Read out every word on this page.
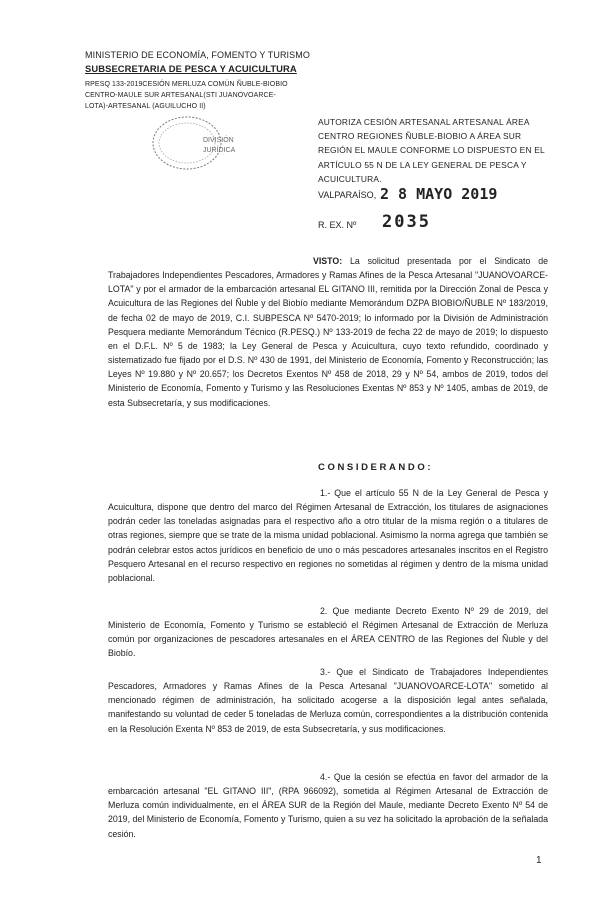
MINISTERIO DE ECONOMÍA, FOMENTO Y TURISMO
SUBSECRETARIA DE PESCA Y ACUICULTURA
RPESQ 133-2019CESIÓN MERLUZA COMÚN ÑUBLE-BIOBIO CENTRO-MAULE SUR ARTESANAL(STI JUANOVOARCE-LOTA)-ARTESANAL (AGUILUCHO II)
DIVISIÓN
JURÍDICA
AUTORIZA CESIÓN ARTESANAL ARTESANAL ÁREA CENTRO REGIONES ÑUBLE-BIOBIO A ÁREA SUR REGIÓN EL MAULE CONFORME LO DISPUESTO EN EL ARTÍCULO 55 N DE LA LEY GENERAL DE PESCA Y ACUICULTURA.
VALPARAÍSO, 2 8 MAYO 2019
R. EX. Nº 2035
VISTO: La solicitud presentada por el Sindicato de Trabajadores Independientes Pescadores, Armadores y Ramas Afines de la Pesca Artesanal "JUANOVOARCE-LOTA" y por el armador de la embarcación artesanal EL GITANO III, remitida por la Dirección Zonal de Pesca y Acuicultura de las Regiones del Ñuble y del Biobío mediante Memorándum DZPA BIOBIO/ÑUBLE Nº 183/2019, de fecha 02 de mayo de 2019, C.I. SUBPESCA Nº 5470-2019; lo informado por la División de Administración Pesquera mediante Memorándum Técnico (R.PESQ.) Nº 133-2019 de fecha 22 de mayo de 2019; lo dispuesto en el D.F.L. Nº 5 de 1983; la Ley General de Pesca y Acuicultura, cuyo texto refundido, coordinado y sistematizado fue fijado por el D.S. Nº 430 de 1991, del Ministerio de Economía, Fomento y Reconstrucción; las Leyes Nº 19.880 y Nº 20.657; los Decretos Exentos Nº 458 de 2018, 29 y Nº 54, ambos de 2019, todos del Ministerio de Economía, Fomento y Turismo y las Resoluciones Exentas Nº 853 y Nº 1405, ambas de 2019, de esta Subsecretaría, y sus modificaciones.
CONSIDERANDO:
1.- Que el artículo 55 N de la Ley General de Pesca y Acuicultura, dispone que dentro del marco del Régimen Artesanal de Extracción, los titulares de asignaciones podrán ceder las toneladas asignadas para el respectivo año a otro titular de la misma región o a titulares de otras regiones, siempre que se trate de la misma unidad poblacional. Asimismo la norma agrega que también se podrán celebrar estos actos jurídicos en beneficio de uno o más pescadores artesanales inscritos en el Registro Pesquero Artesanal en el recurso respectivo en regiones no sometidas al régimen y dentro de la misma unidad poblacional.
2. Que mediante Decreto Exento Nº 29 de 2019, del Ministerio de Economía, Fomento y Turismo se estableció el Régimen Artesanal de Extracción de Merluza común por organizaciones de pescadores artesanales en el ÁREA CENTRO de las Regiones del Ñuble y del Biobío.
3.- Que el Sindicato de Trabajadores Independientes Pescadores, Armadores y Ramas Afines de la Pesca Artesanal "JUANOVOARCE-LOTA" sometido al mencionado régimen de administración, ha solicitado acogerse a la disposición legal antes señalada, manifestando su voluntad de ceder 5 toneladas de Merluza común, correspondientes a la distribución contenida en la Resolución Exenta Nº 853 de 2019, de esta Subsecretaría, y sus modificaciones.
4.- Que la cesión se efectúa en favor del armador de la embarcación artesanal "EL GITANO III", (RPA 966092), sometida al Régimen Artesanal de Extracción de Merluza común individualmente, en el ÁREA SUR de la Región del Maule, mediante Decreto Exento Nº 54 de 2019, del Ministerio de Economía, Fomento y Turismo, quien a su vez ha solicitado la aprobación de la señalada cesión.
1
